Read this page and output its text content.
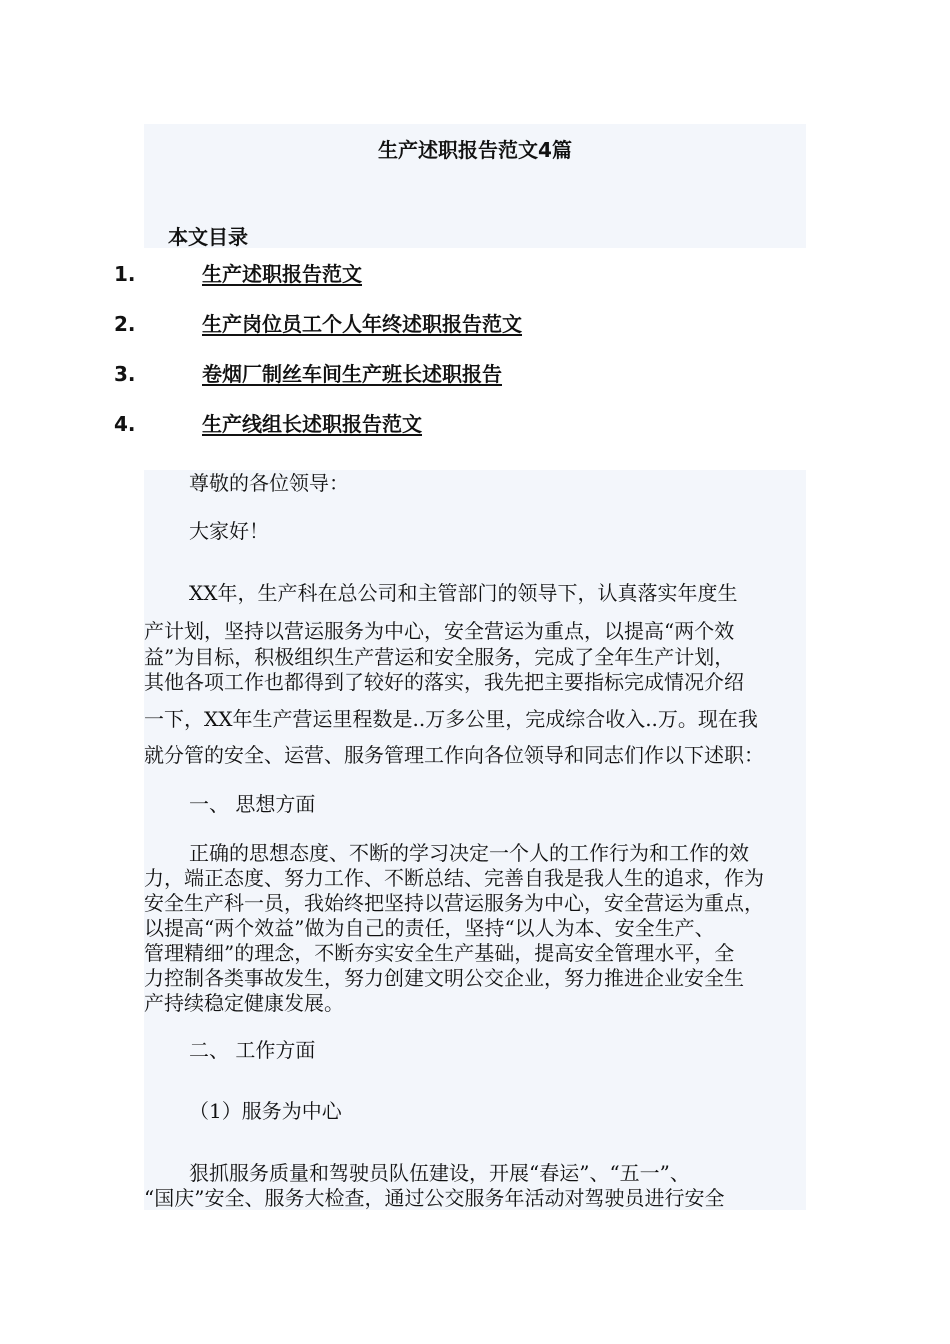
生产述职报告范文4篇
本文目录
1.	生产述职报告范文
2.	生产岗位员工个人年终述职报告范文
3.	卷烟厂制丝车间生产班长述职报告
4.	生产线组长述职报告范文
尊敬的各位领导：
大家好！
XX年，生产科在总公司和主管部门的领导下，认真落实年度生
产计划，坚持以营运服务为中心，安全营运为重点，以提高“两个效
益”为目标，积极组织生产营运和安全服务，完成了全年生产计划，
其他各项工作也都得到了较好的落实，我先把主要指标完成情况介绍
一下，XX年生产营运里程数是..万多公里，完成综合收入..万。现在我
就分管的安全、运营、服务管理工作向各位领导和同志们作以下述职：
一、 思想方面
正确的思想态度、不断的学习决定一个人的工作行为和工作的效
力，端正态度、努力工作、不断总结、完善自我是我人生的追求，作为
安全生产科一员，我始终把坚持以营运服务为中心，安全营运为重点，
以提高“两个效益”做为自己的责任，坚持“以人为本、安全生产、
管理精细”的理念，不断夯实安全生产基础，提高安全管理水平，全
力控制各类事故发生，努力创建文明公交企业，努力推进企业安全生
产持续稳定健康发展。
二、 工作方面
（1）服务为中心
狠抓服务质量和驾驶员队伍建设，开展“春运”、“五一”、
“国庆”安全、服务大检查，通过公交服务年活动对驾驶员进行安全
